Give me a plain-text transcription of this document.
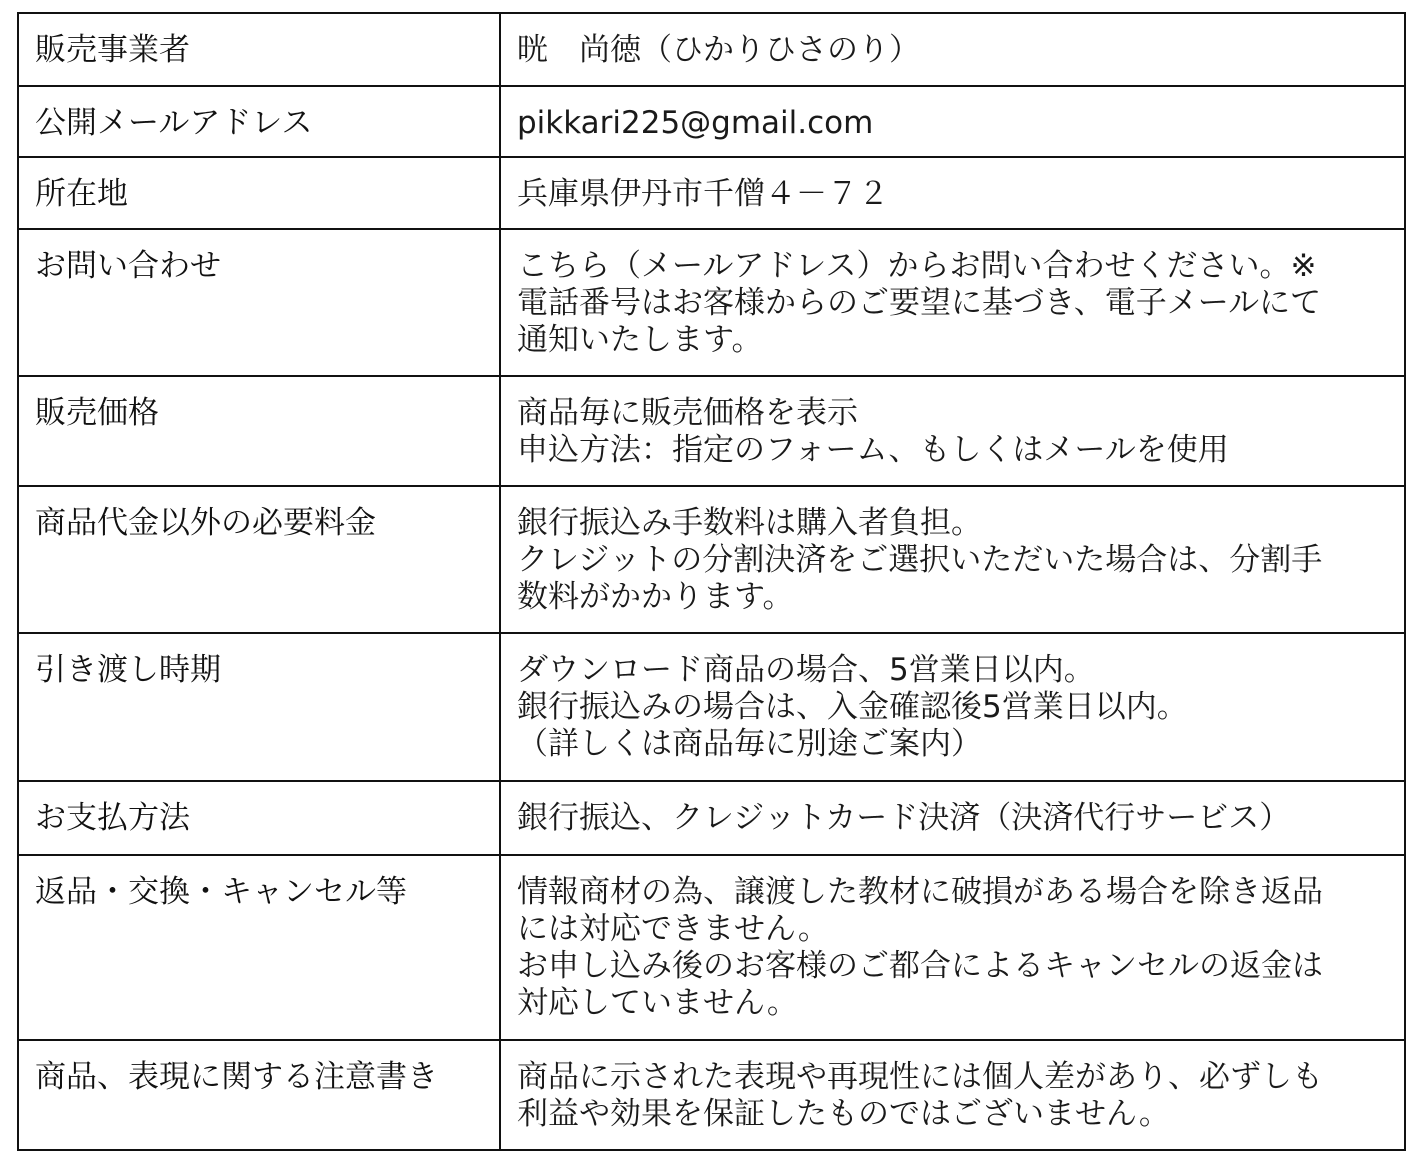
販売事業者	晄　尚徳（ひかりひさのり）

公開メールアドレス	pikkari225@gmail.com

所在地	兵庫県伊丹市千僧４－７２

お問い合わせ	こちら（メールアドレス）からお問い合わせください。※
電話番号はお客様からのご要望に基づき、電子メールにて
通知いたします。

販売価格	商品毎に販売価格を表示
申込方法：指定のフォーム、もしくはメールを使用

商品代金以外の必要料金	銀行振込み手数料は購入者負担。
クレジットの分割決済をご選択いただいた場合は、分割手
数料がかかります。

引き渡し時期	ダウンロード商品の場合、5営業日以内。
銀行振込みの場合は、入金確認後5営業日以内。
（詳しくは商品毎に別途ご案内）

お支払方法	銀行振込、クレジットカード決済（決済代行サービス）

返品・交換・キャンセル等	情報商材の為、譲渡した教材に破損がある場合を除き返品
には対応できません。
お申し込み後のお客様のご都合によるキャンセルの返金は
対応していません。

商品、表現に関する注意書き	商品に示された表現や再現性には個人差があり、必ずしも
利益や効果を保証したものではございません。
